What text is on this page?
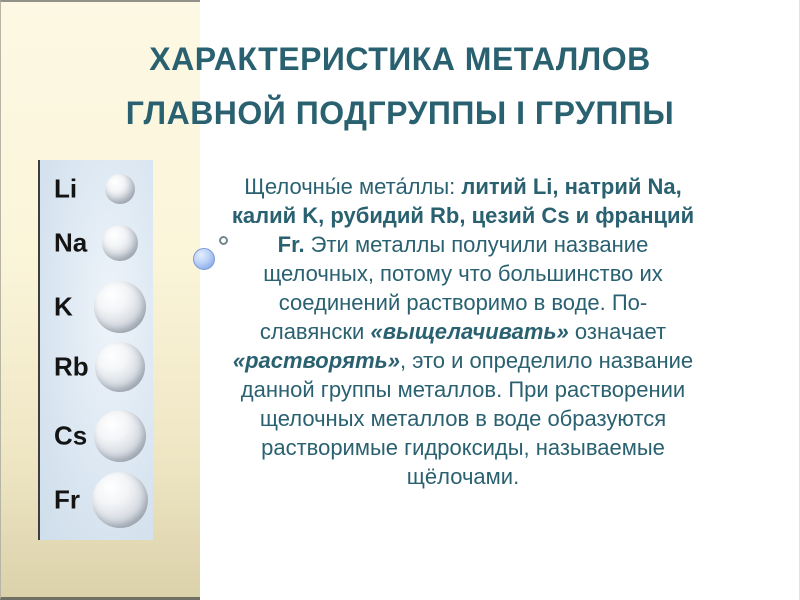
ХАРАКТЕРИСТИКА МЕТАЛЛОВ
ГЛАВНОЙ ПОДГРУППЫ I ГРУППЫ
Li
Na
K
Rb
Cs
Fr
Щелочны́е мета́ллы: литий Li, натрий Na,
калий K, рубидий Rb, цезий Cs и франций
Fr. Эти металлы получили название
щелочных, потому что большинство их
соединений растворимо в воде. По-
славянски «выщелачивать» означает
«растворять», это и определило название
данной группы металлов. При растворении
щелочных металлов в воде образуются
растворимые гидроксиды, называемые
щёлочами.
